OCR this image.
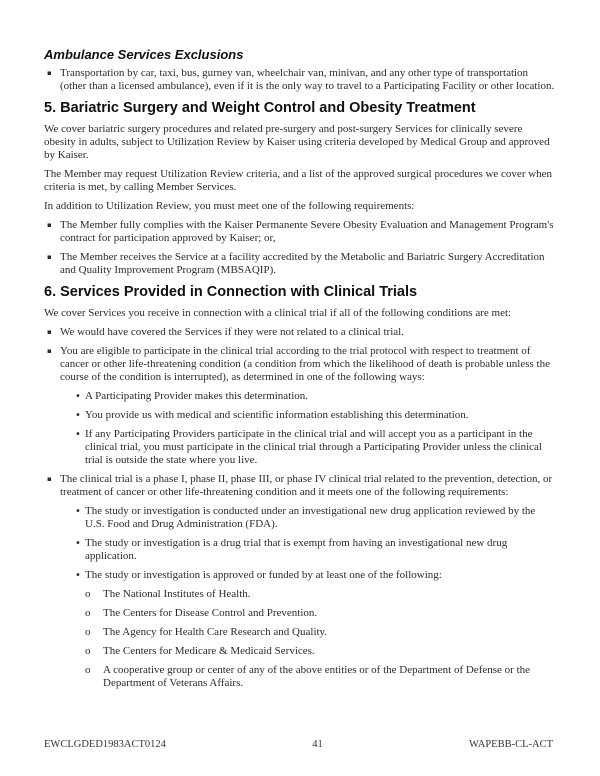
Ambulance Services Exclusions
▪ Transportation by car, taxi, bus, gurney van, wheelchair van, minivan, and any other type of transportation (other than a licensed ambulance), even if it is the only way to travel to a Participating Facility or other location.
5. Bariatric Surgery and Weight Control and Obesity Treatment

We cover bariatric surgery procedures and related pre-surgery and post-surgery Services for clinically severe obesity in adults, subject to Utilization Review by Kaiser using criteria developed by Medical Group and approved by Kaiser.

The Member may request Utilization Review criteria, and a list of the approved surgical procedures we cover when criteria is met, by calling Member Services.

In addition to Utilization Review, you must meet one of the following requirements:

▪ The Member fully complies with the Kaiser Permanente Severe Obesity Evaluation and Management Program's contract for participation approved by Kaiser; or,
▪ The Member receives the Service at a facility accredited by the Metabolic and Bariatric Surgery Accreditation and Quality Improvement Program (MBSAQIP).
6. Services Provided in Connection with Clinical Trials

We cover Services you receive in connection with a clinical trial if all of the following conditions are met:

▪ We would have covered the Services if they were not related to a clinical trial.
▪ You are eligible to participate in the clinical trial according to the trial protocol with respect to treatment of cancer or other life-threatening condition (a condition from which the likelihood of death is probable unless the course of the condition is interrupted), as determined in one of the following ways:
• A Participating Provider makes this determination.
• You provide us with medical and scientific information establishing this determination.
• If any Participating Providers participate in the clinical trial and will accept you as a participant in the clinical trial, you must participate in the clinical trial through a Participating Provider unless the clinical trial is outside the state where you live.
▪ The clinical trial is a phase I, phase II, phase III, or phase IV clinical trial related to the prevention, detection, or treatment of cancer or other life-threatening condition and it meets one of the following requirements:
• The study or investigation is conducted under an investigational new drug application reviewed by the U.S. Food and Drug Administration (FDA).
• The study or investigation is a drug trial that is exempt from having an investigational new drug application.
• The study or investigation is approved or funded by at least one of the following:
o	The National Institutes of Health.
o	The Centers for Disease Control and Prevention.
o	The Agency for Health Care Research and Quality.
o	The Centers for Medicare & Medicaid Services.
o	A cooperative group or center of any of the above entities or of the Department of Defense or the Department of Veterans Affairs.
EWCLGDED1983ACT0124	41	WAPEBB-CL-ACT
